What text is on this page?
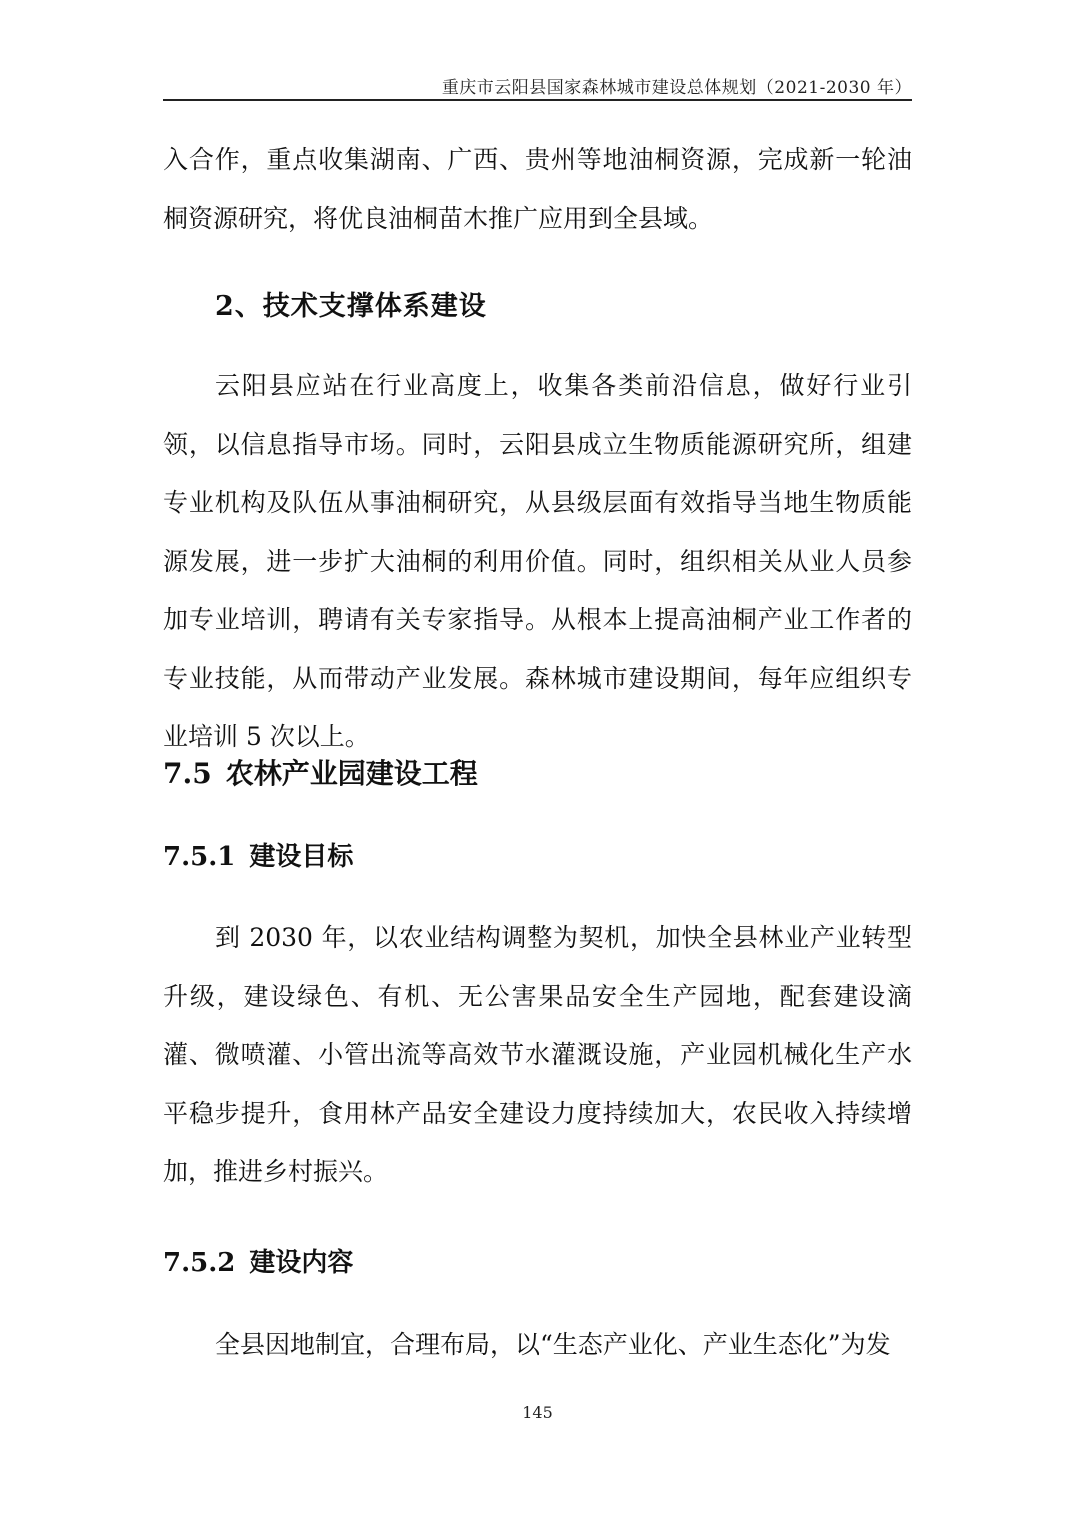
重庆市云阳县国家森林城市建设总体规划（2021-2030 年）

入合作，重点收集湖南、广西、贵州等地油桐资源，完成新一轮油桐资源研究，将优良油桐苗木推广应用到全县域。

2、技术支撑体系建设

云阳县应站在行业高度上，收集各类前沿信息，做好行业引领，以信息指导市场。同时，云阳县成立生物质能源研究所，组建专业机构及队伍从事油桐研究，从县级层面有效指导当地生物质能源发展，进一步扩大油桐的利用价值。同时，组织相关从业人员参加专业培训，聘请有关专家指导。从根本上提高油桐产业工作者的专业技能，从而带动产业发展。森林城市建设期间，每年应组织专业培训 5 次以上。

7.5 农林产业园建设工程
7.5.1 建设目标

到 2030 年，以农业结构调整为契机，加快全县林业产业转型升级，建设绿色、有机、无公害果品安全生产园地，配套建设滴灌、微喷灌、小管出流等高效节水灌溉设施，产业园机械化生产水平稳步提升，食用林产品安全建设力度持续加大，农民收入持续增加，推进乡村振兴。

7.5.2 建设内容

全县因地制宜，合理布局，以“生态产业化、产业生态化”为发

145
